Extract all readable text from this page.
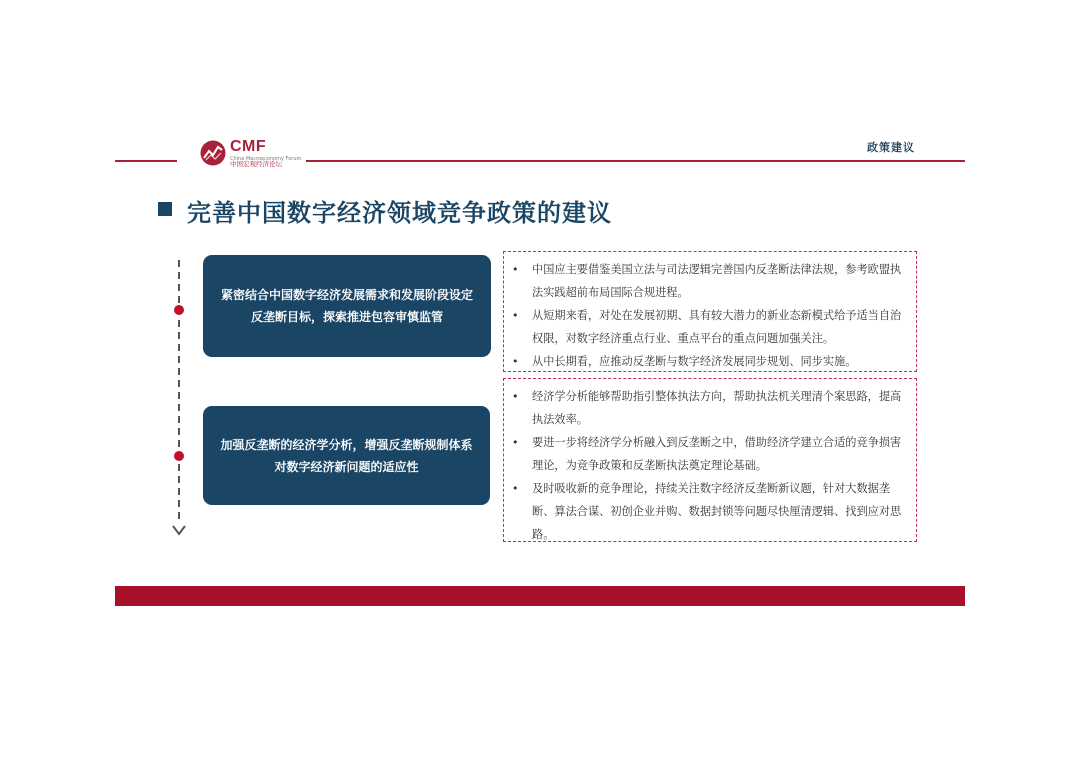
CMF
China Macroeconomy Forum
中国宏观经济论坛
政策建议
完善中国数字经济领域竞争政策的建议
紧密结合中国数字经济发展需求和发展阶段设定
反垄断目标，探索推进包容审慎监管
• 中国应主要借鉴美国立法与司法逻辑完善国内反垄断法律法规，参考欧盟执法实践超前布局国际合规进程。
• 从短期来看，对处在发展初期、具有较大潜力的新业态新模式给予适当自治权限，对数字经济重点行业、重点平台的重点问题加强关注。
• 从中长期看，应推动反垄断与数字经济发展同步规划、同步实施。
加强反垄断的经济学分析，增强反垄断规制体系
对数字经济新问题的适应性
• 经济学分析能够帮助指引整体执法方向，帮助执法机关理清个案思路，提高执法效率。
• 要进一步将经济学分析融入到反垄断之中，借助经济学建立合适的竞争损害理论，为竞争政策和反垄断执法奠定理论基础。
• 及时吸收新的竞争理论，持续关注数字经济反垄断新议题，针对大数据垄断、算法合谋、初创企业并购、数据封锁等问题尽快厘清逻辑、找到应对思路。
